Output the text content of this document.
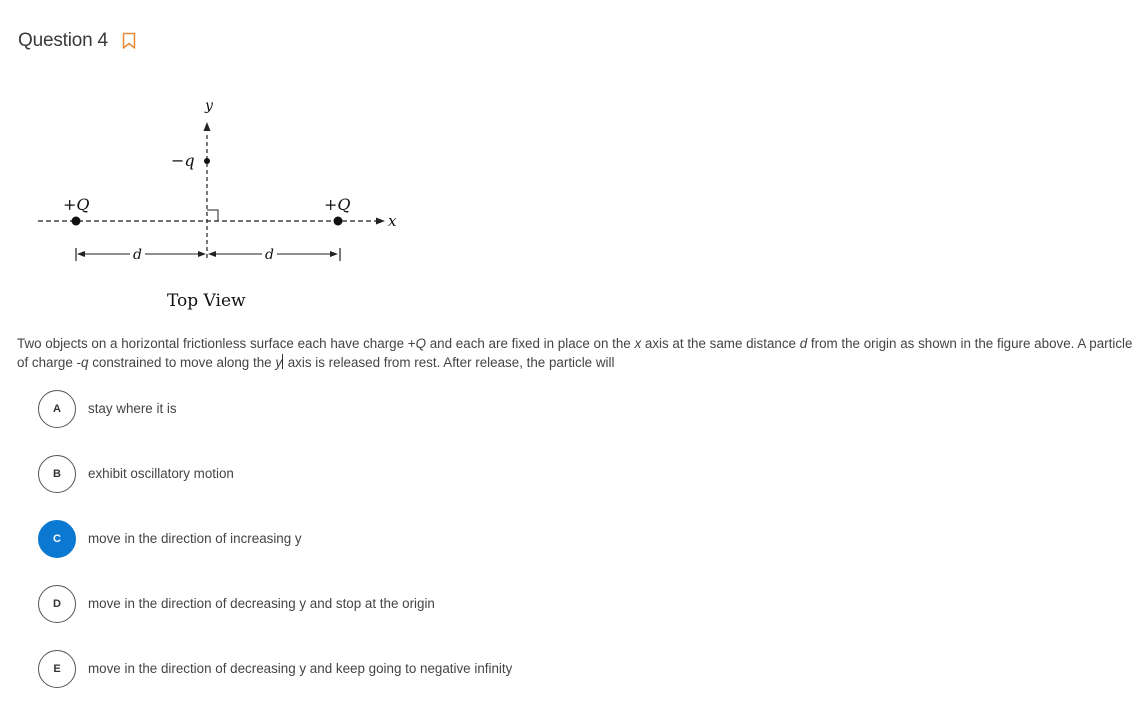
Question 4
y
−q
x
+Q	+Q
d	d
Top View
Two objects on a horizontal frictionless surface each have charge +Q and each are fixed in place on the x axis at the same distance d from the origin as shown in the figure above. A particle of charge -q constrained to move along the y axis is released from rest. After release, the particle will
A	stay where it is
B	exhibit oscillatory motion
C	move in the direction of increasing y
D	move in the direction of decreasing y and stop at the origin
E	move in the direction of decreasing y and keep going to negative infinity
